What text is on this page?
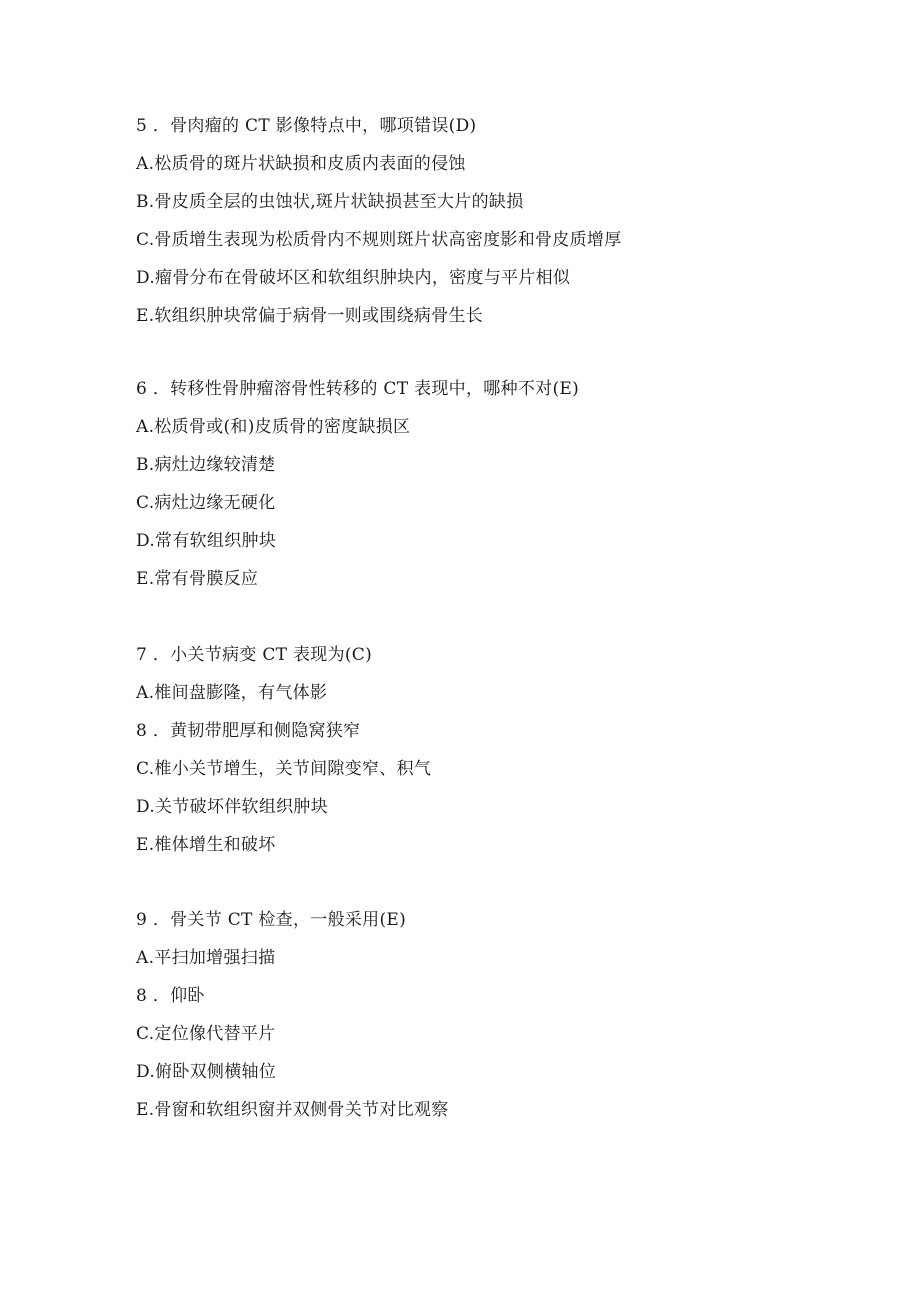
5 ．骨肉瘤的 CT 影像特点中，哪项错误(D)
A.松质骨的斑片状缺损和皮质内表面的侵蚀
B.骨皮质全层的虫蚀状,斑片状缺损甚至大片的缺损
C.骨质增生表现为松质骨内不规则斑片状高密度影和骨皮质增厚
D.瘤骨分布在骨破坏区和软组织肿块内，密度与平片相似
E.软组织肿块常偏于病骨一则或围绕病骨生长
6 ．转移性骨肿瘤溶骨性转移的 CT 表现中，哪种不对(E)
A.松质骨或(和)皮质骨的密度缺损区
B.病灶边缘较清楚
C.病灶边缘无硬化
D.常有软组织肿块
E.常有骨膜反应
7 ．小关节病变 CT 表现为(C)
A.椎间盘膨隆，有气体影
8 ．黄韧带肥厚和侧隐窝狭窄
C.椎小关节增生，关节间隙变窄、积气
D.关节破坏伴软组织肿块
E.椎体增生和破坏
9 ．骨关节 CT 检查，一般采用(E)
A.平扫加增强扫描
8 ．仰卧
C.定位像代替平片
D.俯卧双侧横轴位
E.骨窗和软组织窗并双侧骨关节对比观察
